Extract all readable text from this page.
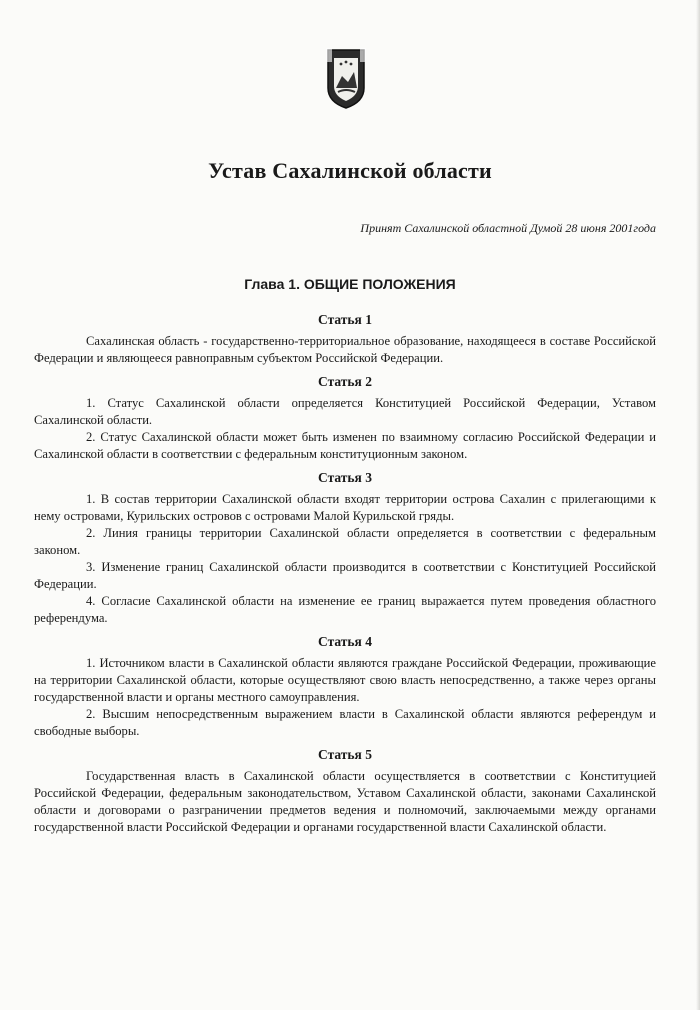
Устав Сахалинской области
Принят Сахалинской областной Думой 28 июня 2001года
Глава 1. ОБЩИЕ ПОЛОЖЕНИЯ
Статья 1

Сахалинская область - государственно-территориальное образование, находящееся в составе Российской Федерации и являющееся равноправным субъектом Российской Федерации.

Статья 2

1. Статус Сахалинской области определяется Конституцией Российской Федерации, Уставом Сахалинской области.

2. Статус Сахалинской области может быть изменен по взаимному согласию Российской Федерации и Сахалинской области в соответствии с федеральным конституционным законом.

Статья 3

1. В состав территории Сахалинской области входят территории острова Сахалин с прилегающими к нему островами, Курильских островов с островами Малой Курильской гряды.

2. Линия границы территории Сахалинской области определяется в соответствии с федеральным законом.

3. Изменение границ Сахалинской области производится в соответствии с Конституцией Российской Федерации.

4. Согласие Сахалинской области на изменение ее границ выражается путем проведения областного референдума.

Статья 4

1. Источником власти в Сахалинской области являются граждане Российской Федерации, проживающие на территории Сахалинской области, которые осуществляют свою власть непосредственно, а также через органы государственной власти и органы местного самоуправления.

2. Высшим непосредственным выражением власти в Сахалинской области являются референдум и свободные выборы.

Статья 5

Государственная власть в Сахалинской области осуществляется в соответствии с Конституцией Российской Федерации, федеральным законодательством, Уставом Сахалинской области, законами Сахалинской области и договорами о разграничении предметов ведения и полномочий, заключаемыми между органами государственной власти Российской Федерации и органами государственной власти Сахалинской области.
